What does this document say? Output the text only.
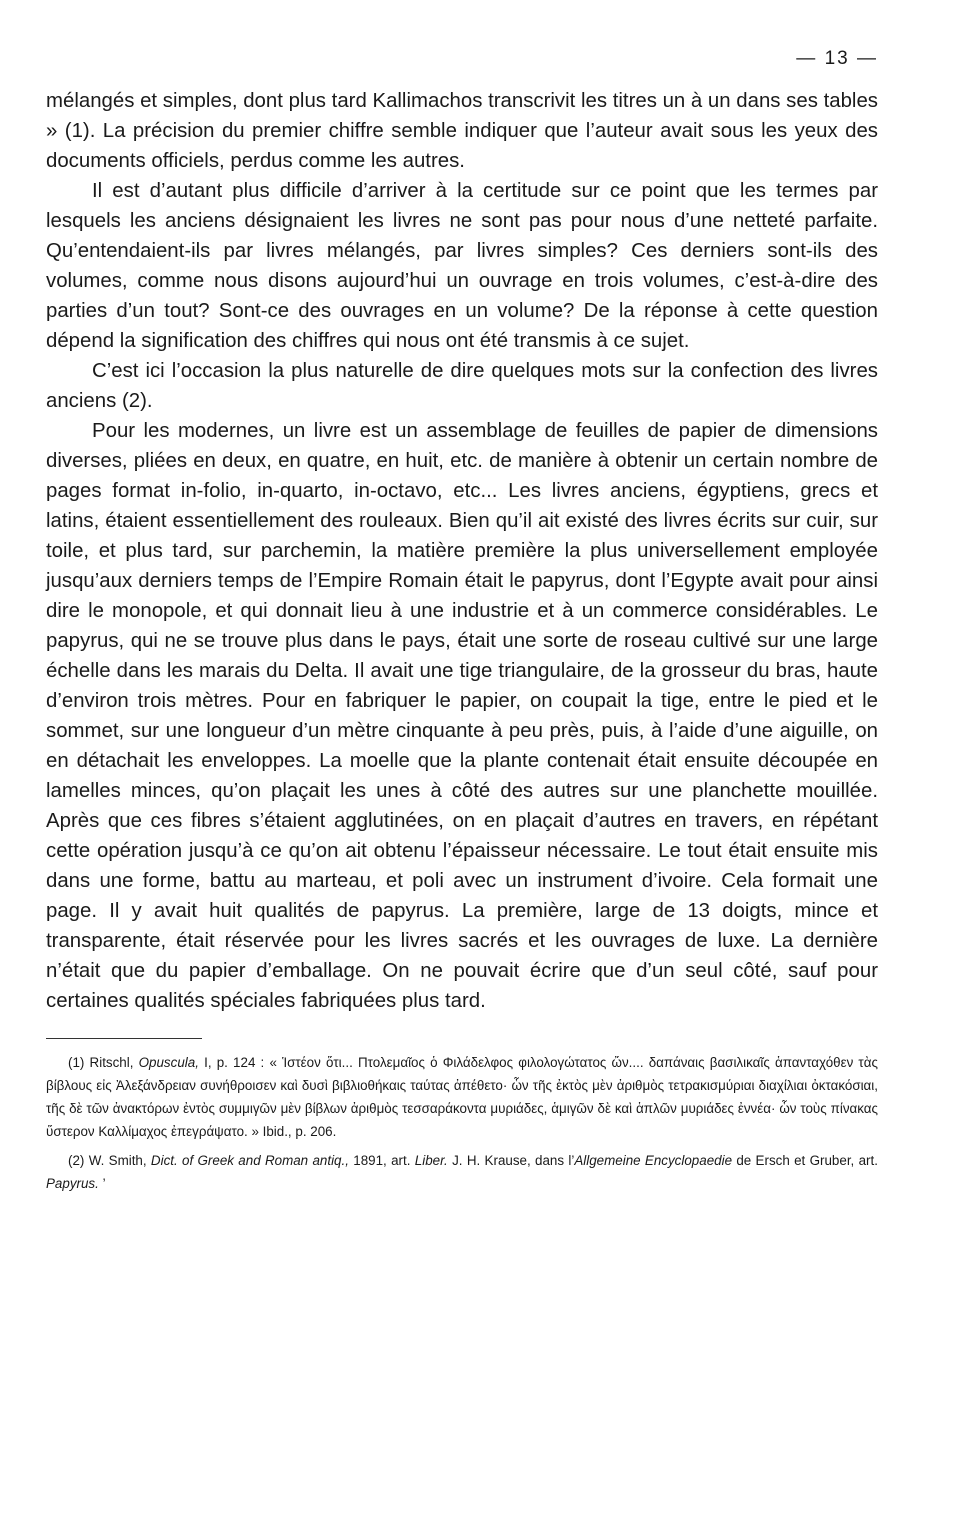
— 13 —

mélangés et simples, dont plus tard Kallimachos transcrivit les titres un à un dans ses tables » (1). La précision du premier chiffre semble indiquer que l’auteur avait sous les yeux des documents officiels, perdus comme les autres.

Il est d’autant plus difficile d’arriver à la certitude sur ce point que les termes par lesquels les anciens désignaient les livres ne sont pas pour nous d’une netteté parfaite. Qu’entendaient-ils par livres mélangés, par livres simples? Ces derniers sont-ils des volumes, comme nous disons aujourd’hui un ouvrage en trois volumes, c’est-à-dire des parties d’un tout? Sont-ce des ouvrages en un volume? De la réponse à cette question dépend la signification des chiffres qui nous ont été transmis à ce sujet.

C’est ici l’occasion la plus naturelle de dire quelques mots sur la confection des livres anciens (2).

Pour les modernes, un livre est un assemblage de feuilles de papier de dimensions diverses, pliées en deux, en quatre, en huit, etc. de manière à obtenir un certain nombre de pages format in-folio, in-quarto, in-octavo, etc... Les livres anciens, égyptiens, grecs et latins, étaient essentiellement des rouleaux. Bien qu’il ait existé des livres écrits sur cuir, sur toile, et plus tard, sur parchemin, la matière première la plus universellement employée jusqu’aux derniers temps de l’Empire Romain était le papyrus, dont l’Egypte avait pour ainsi dire le monopole, et qui donnait lieu à une industrie et à un commerce considérables. Le papyrus, qui ne se trouve plus dans le pays, était une sorte de roseau cultivé sur une large échelle dans les marais du Delta. Il avait une tige triangulaire, de la grosseur du bras, haute d’environ trois mètres. Pour en fabriquer le papier, on coupait la tige, entre le pied et le sommet, sur une longueur d’un mètre cinquante à peu près, puis, à l’aide d’une aiguille, on en détachait les enveloppes. La moelle que la plante contenait était ensuite découpée en lamelles minces, qu’on plaçait les unes à côté des autres sur une planchette mouillée. Après que ces fibres s’étaient agglutinées, on en plaçait d’autres en travers, en répétant cette opération jusqu’à ce qu’on ait obtenu l’épaisseur nécessaire. Le tout était ensuite mis dans une forme, battu au marteau, et poli avec un instrument d’ivoire. Cela formait une page. Il y avait huit qualités de papyrus. La première, large de 13 doigts, mince et transparente, était réservée pour les livres sacrés et les ouvrages de luxe. La dernière n’était que du papier d’emballage. On ne pouvait écrire que d’un seul côté, sauf pour certaines qualités spéciales fabriquées plus tard.

(1) Ritschl, Opuscula, I, p. 124 : « Ἱστέον ὅτι... Πτολεμαῖος ὁ Φιλάδελφος φιλολογώτατος ὤν.... δαπάναις βασιλικαῖς ἁπανταχόθεν τὰς βίβλους εἰς Ἀλεξάνδρειαν συνήθροισεν καὶ δυσὶ βιβλιοθήκαις ταύτας ἀπέθετο· ὧν τῆς ἐκτὸς μὲν ἀριθμὸς τετρακισμύριαι διαχίλιαι ὀκτακόσιαι, τῆς δὲ τῶν ἀνακτόρων ἐντὸς συμμιγῶν μὲν βίβλων ἀριθμὸς τεσσαράκοντα μυριάδες, ἁμιγῶν δὲ καὶ ἁπλῶν μυριάδες ἐννέα· ὧν τοὺς πίνακας ὕστερον Καλλίμαχος ἐπεγράψατο. » Ibid., p. 206.

(2) W. Smith, Dict. of Greek and Roman antiq., 1891, art. Liber. J. H. Krause, dans l’Allgemeine Encyclopaedie de Ersch et Gruber, art. Papyrus. ’
